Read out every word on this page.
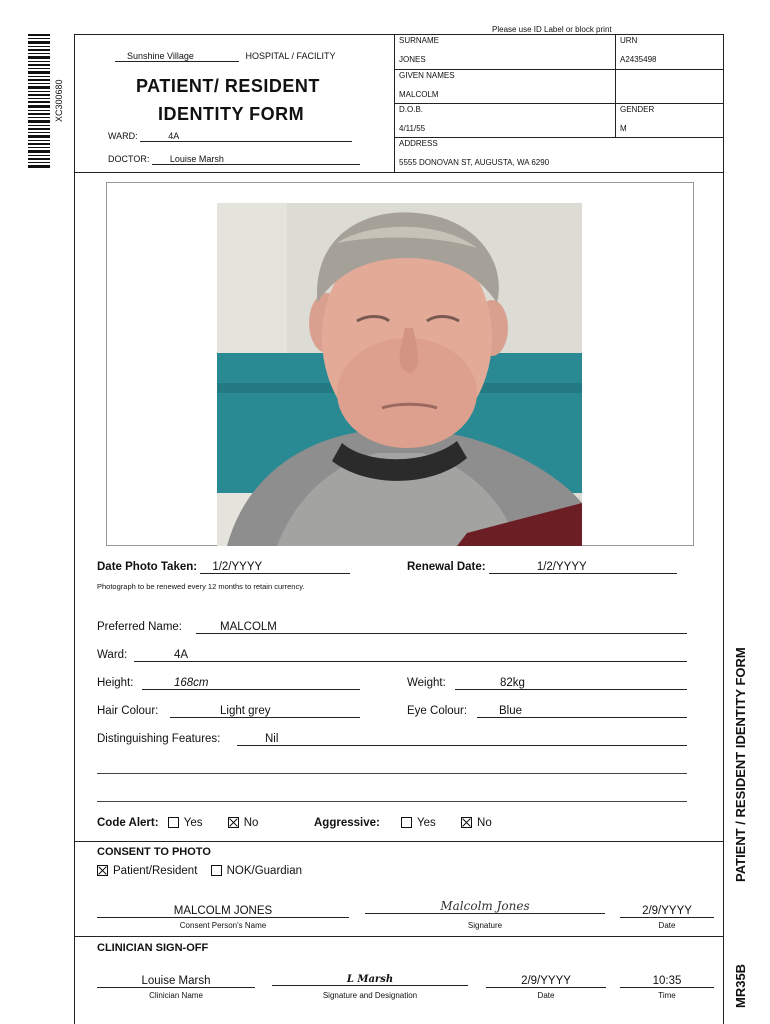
XC300680
Please use ID Label or block print
Sunshine Village	HOSPITAL / FACILITY
PATIENT/ RESIDENT
IDENTITY FORM
WARD:	4A
DOCTOR: Louise Marsh
SURNAME
JONES
URN
A2435498
GIVEN NAMES
MALCOLM
D.O.B.
4/11/55
GENDER
M
ADDRESS
5555 DONOVAN ST, AUGUSTA, WA 6290
Date Photo Taken: 1/2/YYYY	Renewal Date:	1/2/YYYY
Photograph to be renewed every 12 months to retain currency.
Preferred Name:	MALCOLM
Ward:	4A
Height:	168cm	Weight:	82kg
Hair Colour:	Light grey	Eye Colour:	Blue
Distinguishing Features:	Nil
Code Alert: Yes	No	Aggressive:	Yes	No
CONSENT TO PHOTO
Patient/Resident	NOK/Guardian
MALCOLM JONES
Consent Person's Name
Malcolm Jones
Signature
2/9/YYYY
Date
CLINICIAN SIGN-OFF
Louise Marsh
Clinician Name
L Marsh
Signature and Designation
2/9/YYYY
Date
10:35
Time
PATIENT / RESIDENT IDENTITY FORM
MR35B
